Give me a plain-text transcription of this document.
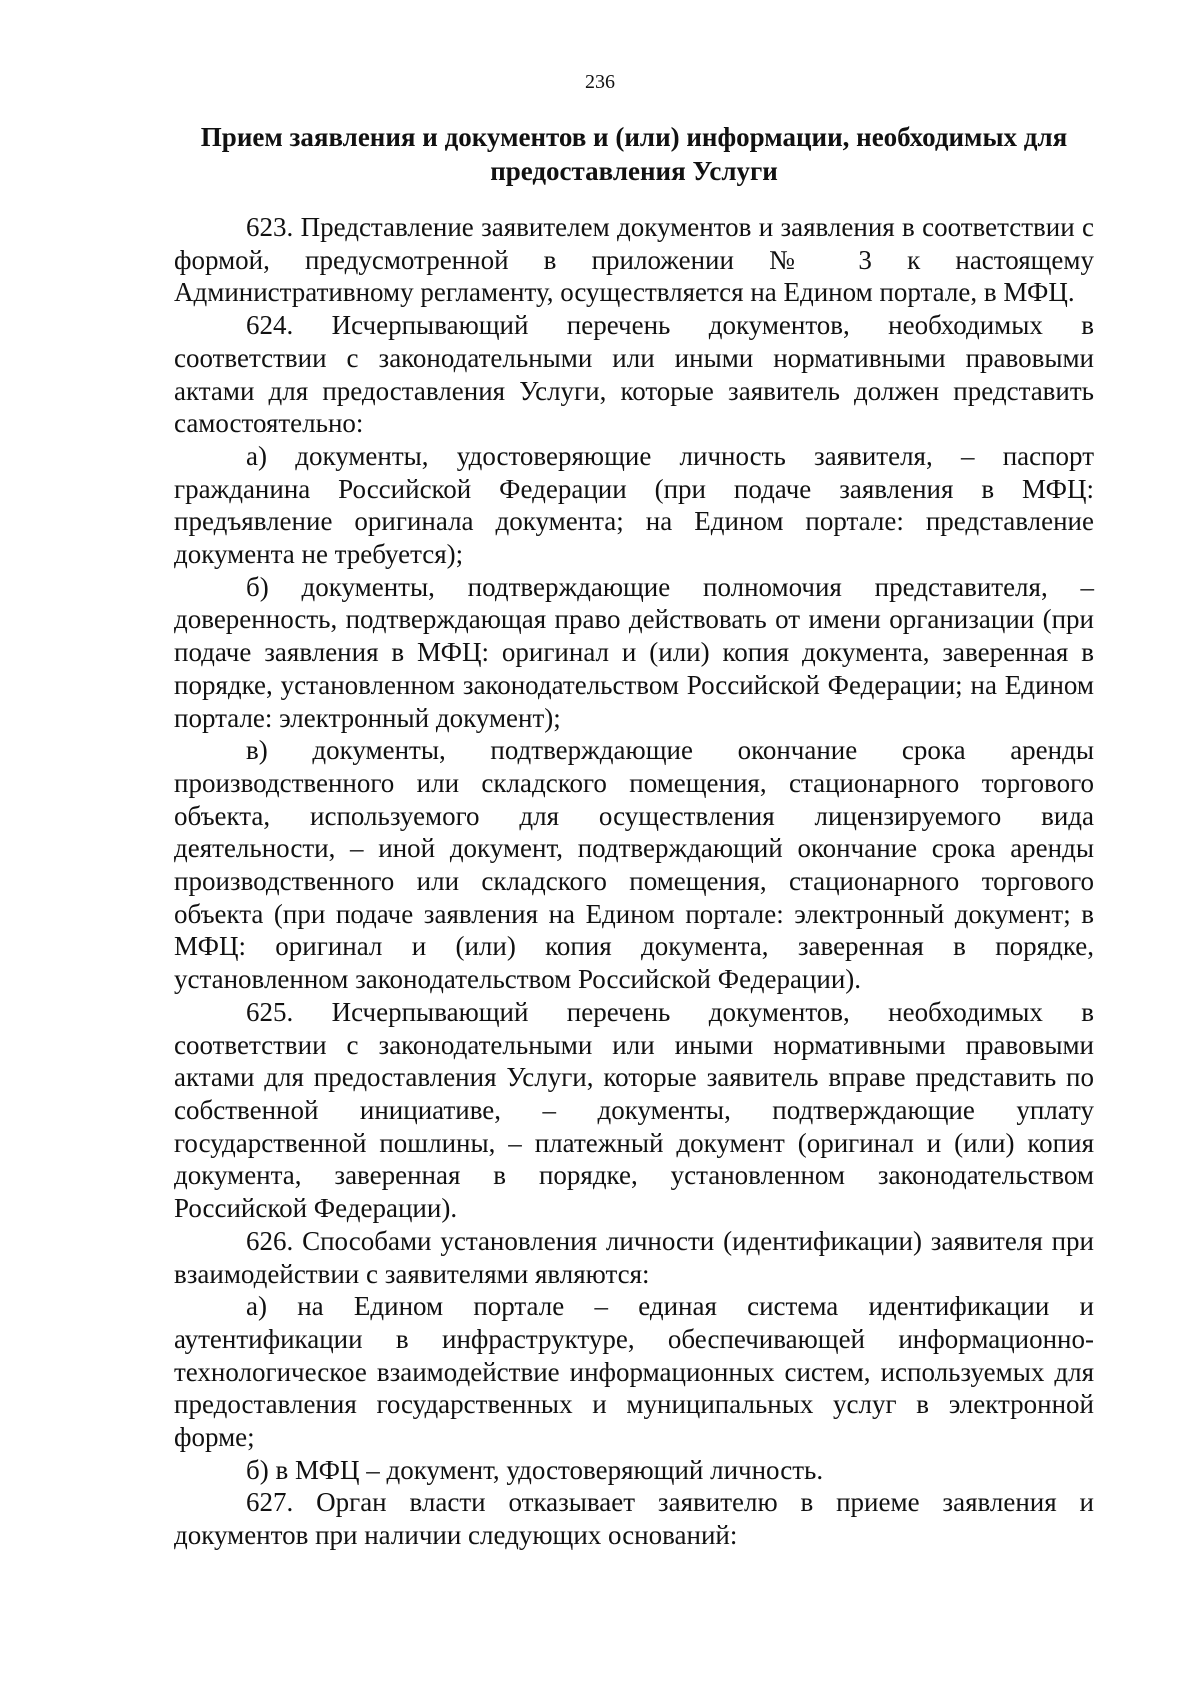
236
Прием заявления и документов и (или) информации, необходимых для предоставления Услуги

623. Представление заявителем документов и заявления в соответствии с формой, предусмотренной в приложении № 3 к настоящему Административному регламенту, осуществляется на Едином портале, в МФЦ.

624. Исчерпывающий перечень документов, необходимых в соответствии с законодательными или иными нормативными правовыми актами для предоставления Услуги, которые заявитель должен представить самостоятельно:

а) документы, удостоверяющие личность заявителя, – паспорт гражданина Российской Федерации (при подаче заявления в МФЦ: предъявление оригинала документа; на Едином портале: представление документа не требуется);

б) документы, подтверждающие полномочия представителя, – доверенность, подтверждающая право действовать от имени организации (при подаче заявления в МФЦ: оригинал и (или) копия документа, заверенная в порядке, установленном законодательством Российской Федерации; на Едином портале: электронный документ);

в) документы, подтверждающие окончание срока аренды производственного или складского помещения, стационарного торгового объекта, используемого для осуществления лицензируемого вида деятельности, – иной документ, подтверждающий окончание срока аренды производственного или складского помещения, стационарного торгового объекта (при подаче заявления на Едином портале: электронный документ; в МФЦ: оригинал и (или) копия документа, заверенная в порядке, установленном законодательством Российской Федерации).

625. Исчерпывающий перечень документов, необходимых в соответствии с законодательными или иными нормативными правовыми актами для предоставления Услуги, которые заявитель вправе представить по собственной инициативе, – документы, подтверждающие уплату государственной пошлины, – платежный документ (оригинал и (или) копия документа, заверенная в порядке, установленном законодательством Российской Федерации).

626. Способами установления личности (идентификации) заявителя при взаимодействии с заявителями являются:

а) на Едином портале – единая система идентификации и аутентификации в инфраструктуре, обеспечивающей информационно-технологическое взаимодействие информационных систем, используемых для предоставления государственных и муниципальных услуг в электронной форме;

б) в МФЦ – документ, удостоверяющий личность.

627. Орган власти отказывает заявителю в приеме заявления и документов при наличии следующих оснований:
